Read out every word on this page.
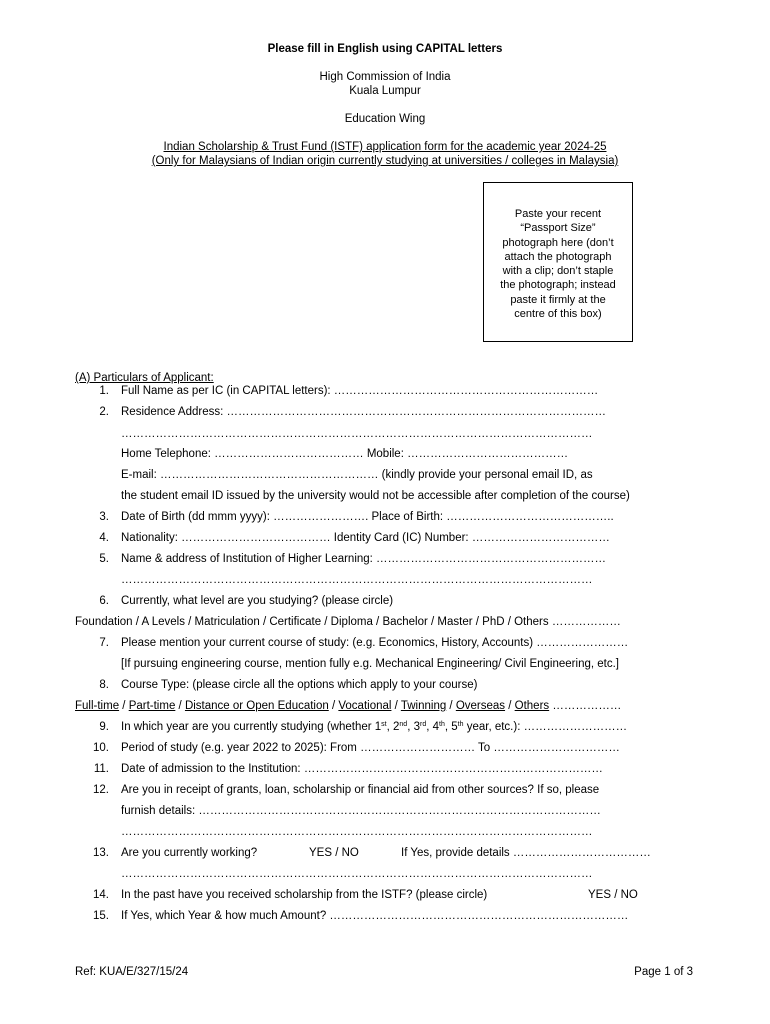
Please fill in English using CAPITAL letters
High Commission of India
Kuala Lumpur
Education Wing
Indian Scholarship & Trust Fund (ISTF) application form for the academic year 2024-25
(Only for Malaysians of Indian origin currently studying at universities / colleges in Malaysia)
Paste your recent
“Passport Size”
photograph here (don’t
attach the photograph
with a clip; don’t staple
the photograph; instead
paste it firmly at the
centre of this box)
(A) Particulars of Applicant:
1. Full Name as per IC (in CAPITAL letters): ……………………………………………………………
2. Residence Address: ………………………………………………………………………………………
……………………………………………………………………………………………………………
Home Telephone: ………………………………… Mobile: ……………………………………
E-mail: ………………………………………………… (kindly provide your personal email ID, as
the student email ID issued by the university would not be accessible after completion of the course)
3. Date of Birth (dd mmm yyyy): ……………………. Place of Birth: ……………………………………..
4. Nationality: ………………………………… Identity Card (IC) Number: ………………………………
5. Name & address of Institution of Higher Learning: ……………………………………………………
……………………………………………………………………………………………………………
6. Currently, what level are you studying? (please circle)
Foundation / A Levels / Matriculation / Certificate / Diploma / Bachelor / Master / PhD / Others ………………
7. Please mention your current course of study: (e.g. Economics, History, Accounts) ……………………
[If pursuing engineering course, mention fully e.g. Mechanical Engineering/ Civil Engineering, etc.]
8. Course Type: (please circle all the options which apply to your course)
Full-time / Part-time / Distance or Open Education / Vocational / Twinning / Overseas / Others ………………
9. In which year are you currently studying (whether 1st, 2nd, 3rd, 4th, 5th year, etc.): ………………………
10. Period of study (e.g. year 2022 to 2025): From ………………………… To ……………………………
11. Date of admission to the Institution: ……………………………………………………………………
12. Are you in receipt of grants, loan, scholarship or financial aid from other sources? If so, please
furnish details: ……………………………………………………………………………………………
……………………………………………………………………………………………………………
13. Are you currently working?	YES / NO	If Yes, provide details ………………………………
……………………………………………………………………………………………………………
14. In the past have you received scholarship from the ISTF? (please circle)	YES / NO
15. If Yes, which Year & how much Amount? ……………………………………………………………………
Ref: KUA/E/327/15/24	Page 1 of 3
